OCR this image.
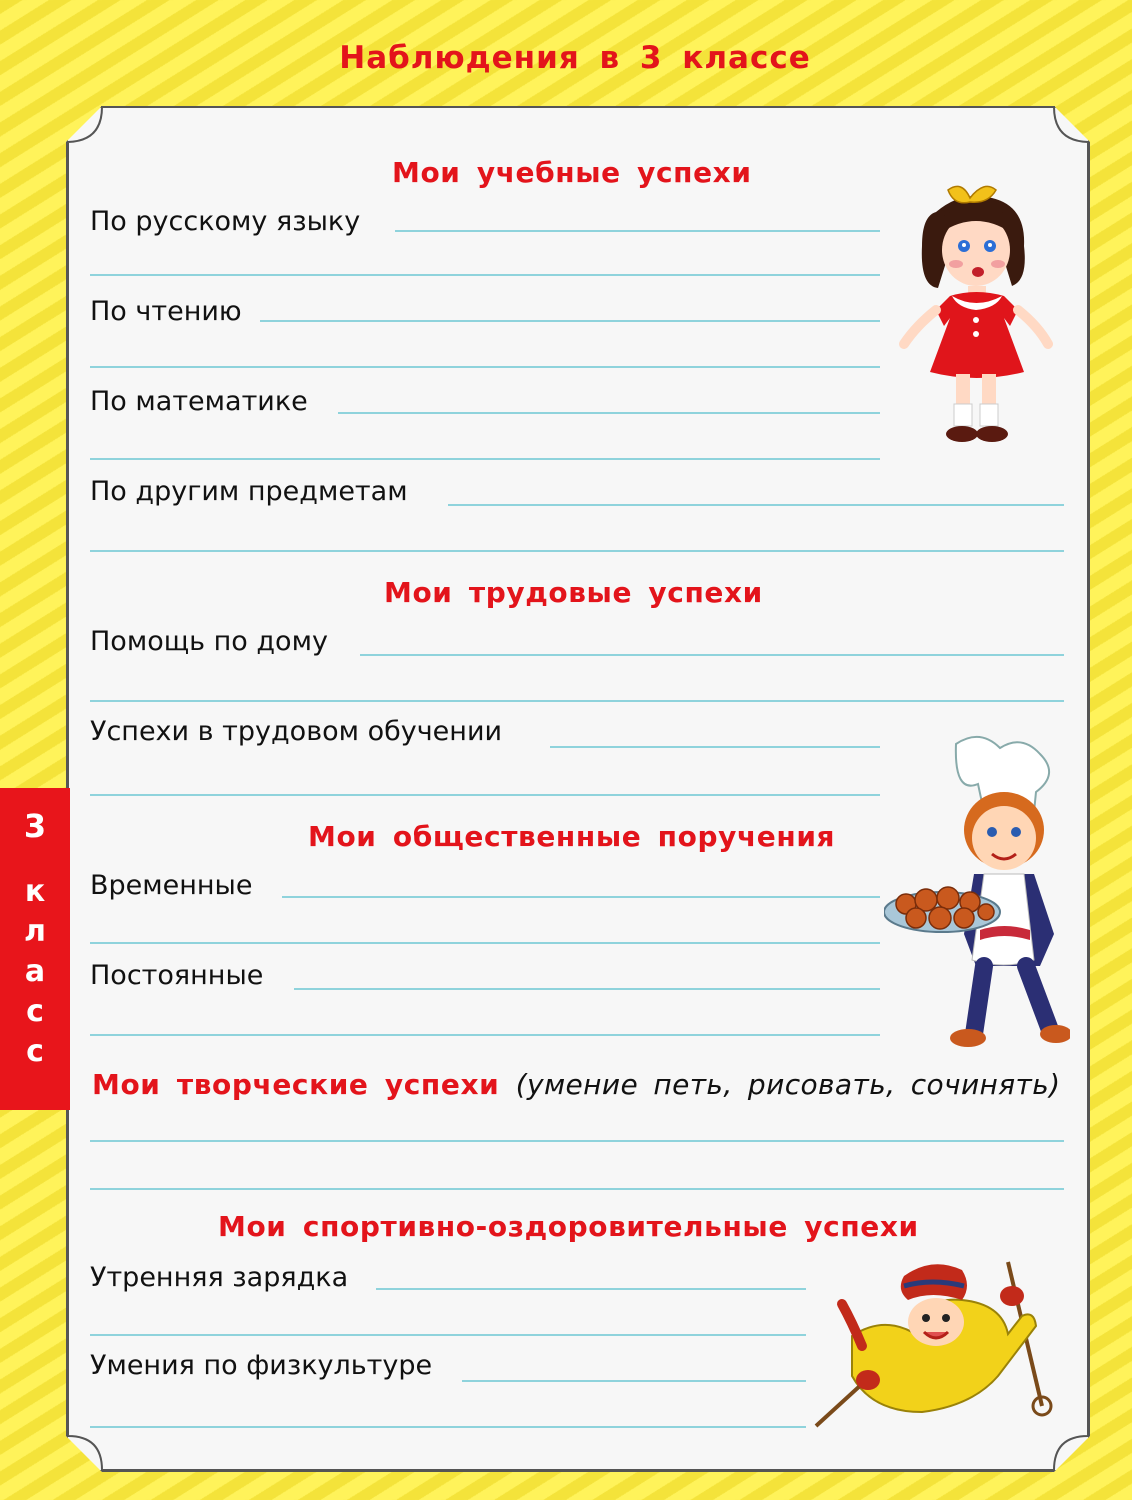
Наблюдения в 3 классе
3
к
л
а
с
с
Мои учебные успехи
По русскому языку
По чтению
По математике
По другим предметам
Мои трудовые успехи
Помощь по дому
Успехи в трудовом обучении
Мои общественные поручения
Временные
Постоянные
Мои творческие успехи (умение петь, рисовать, сочинять)
Мои спортивно-оздоровительные успехи
Утренняя зарядка
Умения по физкультуре
